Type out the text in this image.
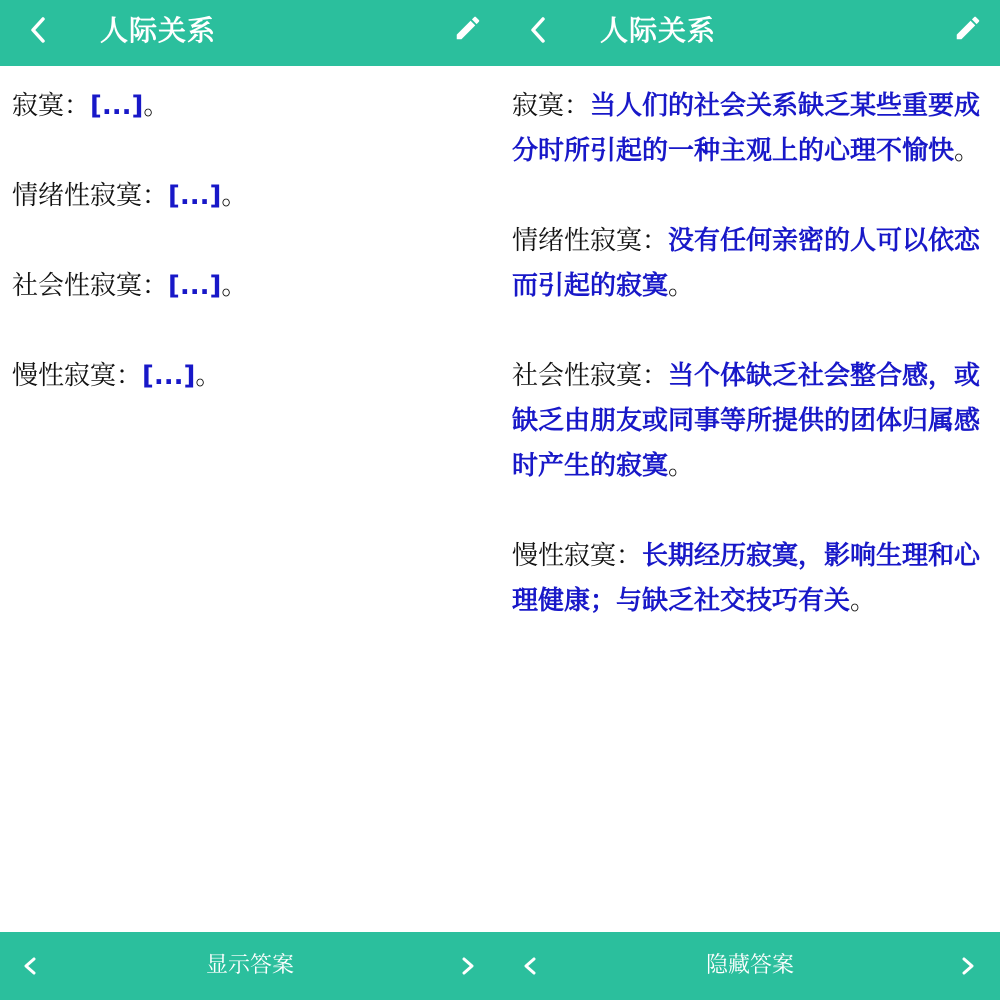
人际关系
寂寞：[...]。
情绪性寂寞：[...]。
社会性寂寞：[...]。
慢性寂寞：[...]。
显示答案
人际关系
寂寞：当人们的社会关系缺乏某些重要成分时所引起的一种主观上的心理不愉快。
情绪性寂寞：没有任何亲密的人可以依恋而引起的寂寞。
社会性寂寞：当个体缺乏社会整合感，或缺乏由朋友或同事等所提供的团体归属感时产生的寂寞。
慢性寂寞：长期经历寂寞，影响生理和心理健康；与缺乏社交技巧有关。
隐藏答案
